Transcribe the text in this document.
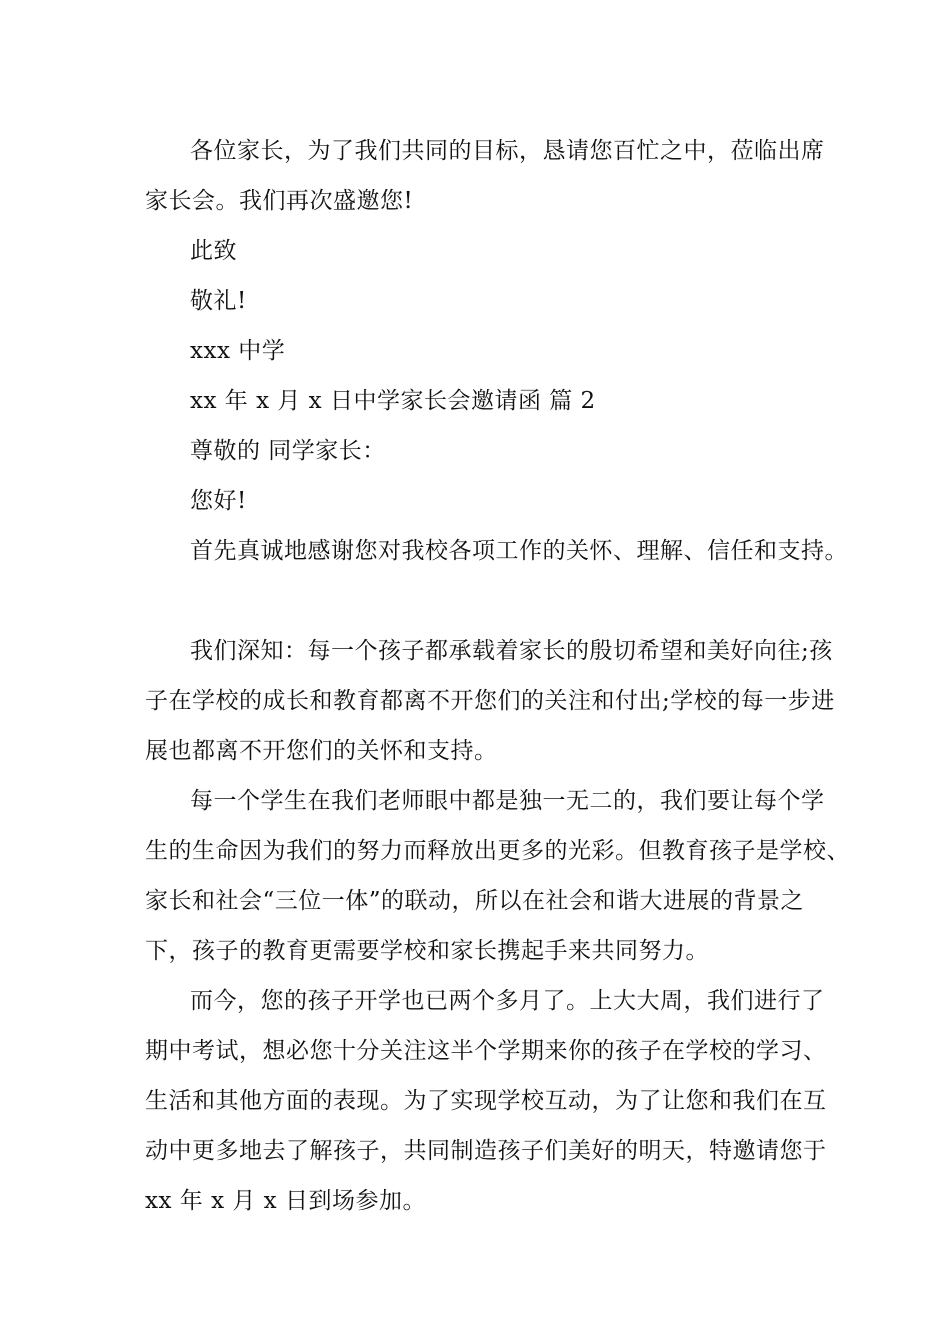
各位家长，为了我们共同的目标，恳请您百忙之中，莅临出席
家长会。我们再次盛邀您!
此致
敬礼!
xxx 中学
xx 年 x 月 x 日中学家长会邀请函 篇 2
尊敬的 同学家长：
您好!
首先真诚地感谢您对我校各项工作的关怀、理解、信任和支持。
我们深知：每一个孩子都承载着家长的殷切希望和美好向往;孩
子在学校的成长和教育都离不开您们的关注和付出;学校的每一步进
展也都离不开您们的关怀和支持。
每一个学生在我们老师眼中都是独一无二的，我们要让每个学
生的生命因为我们的努力而释放出更多的光彩。但教育孩子是学校、
家长和社会“三位一体”的联动，所以在社会和谐大进展的背景之
下，孩子的教育更需要学校和家长携起手来共同努力。
而今，您的孩子开学也已两个多月了。上大大周，我们进行了
期中考试，想必您十分关注这半个学期来你的孩子在学校的学习、
生活和其他方面的表现。为了实现学校互动，为了让您和我们在互
动中更多地去了解孩子，共同制造孩子们美好的明天，特邀请您于
xx 年 x 月 x 日到场参加。
